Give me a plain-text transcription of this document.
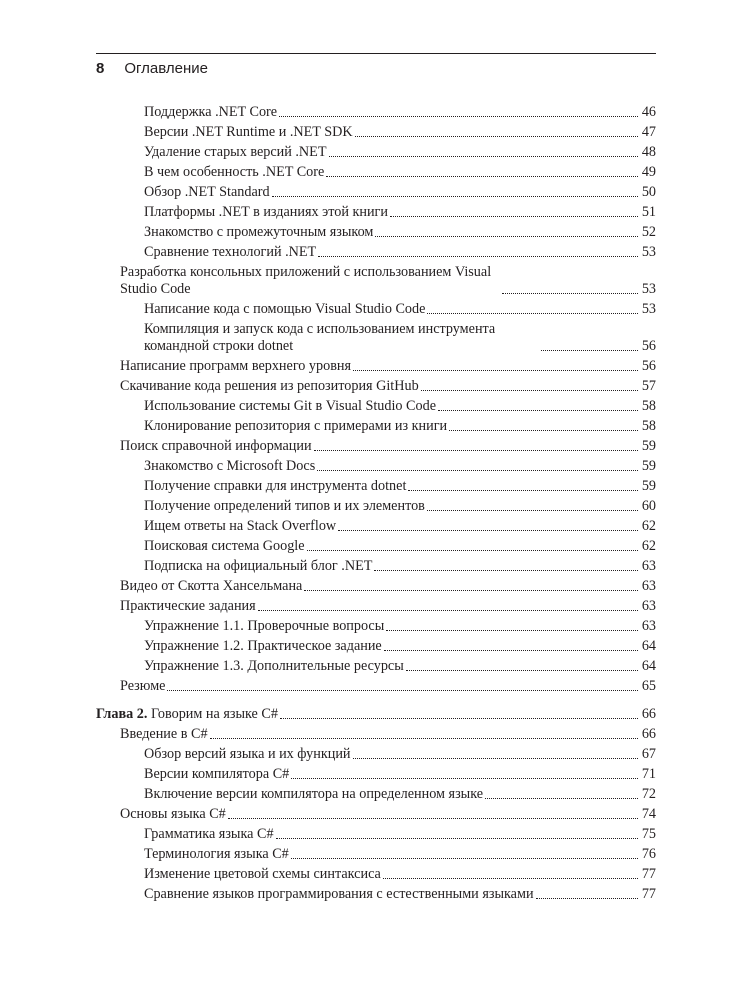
8 Оглавление
Поддержка .NET Core	46
Версии .NET Runtime и .NET SDK	47
Удаление старых версий .NET	48
В чем особенность .NET Core	49
Обзор .NET Standard	50
Платформы .NET в изданиях этой книги	51
Знакомство с промежуточным языком	52
Сравнение технологий .NET	53
Разработка консольных приложений с использованием Visual Studio Code	53
Написание кода с помощью Visual Studio Code	53
Компиляция и запуск кода с использованием инструмента командной строки dotnet	56
Написание программ верхнего уровня	56
Скачивание кода решения из репозитория GitHub	57
Использование системы Git в Visual Studio Code	58
Клонирование репозитория с примерами из книги	58
Поиск справочной информации	59
Знакомство с Microsoft Docs	59
Получение справки для инструмента dotnet	59
Получение определений типов и их элементов	60
Ищем ответы на Stack Overflow	62
Поисковая система Google	62
Подписка на официальный блог .NET	63
Видео от Скотта Хансельмана	63
Практические задания	63
Упражнение 1.1. Проверочные вопросы	63
Упражнение 1.2. Практическое задание	64
Упражнение 1.3. Дополнительные ресурсы	64
Резюме	65
Глава 2. Говорим на языке C#	66
Введение в C#	66
Обзор версий языка и их функций	67
Версии компилятора C#	71
Включение версии компилятора на определенном языке	72
Основы языка C#	74
Грамматика языка C#	75
Терминология языка C#	76
Изменение цветовой схемы синтаксиса	77
Сравнение языков программирования с естественными языками	77
